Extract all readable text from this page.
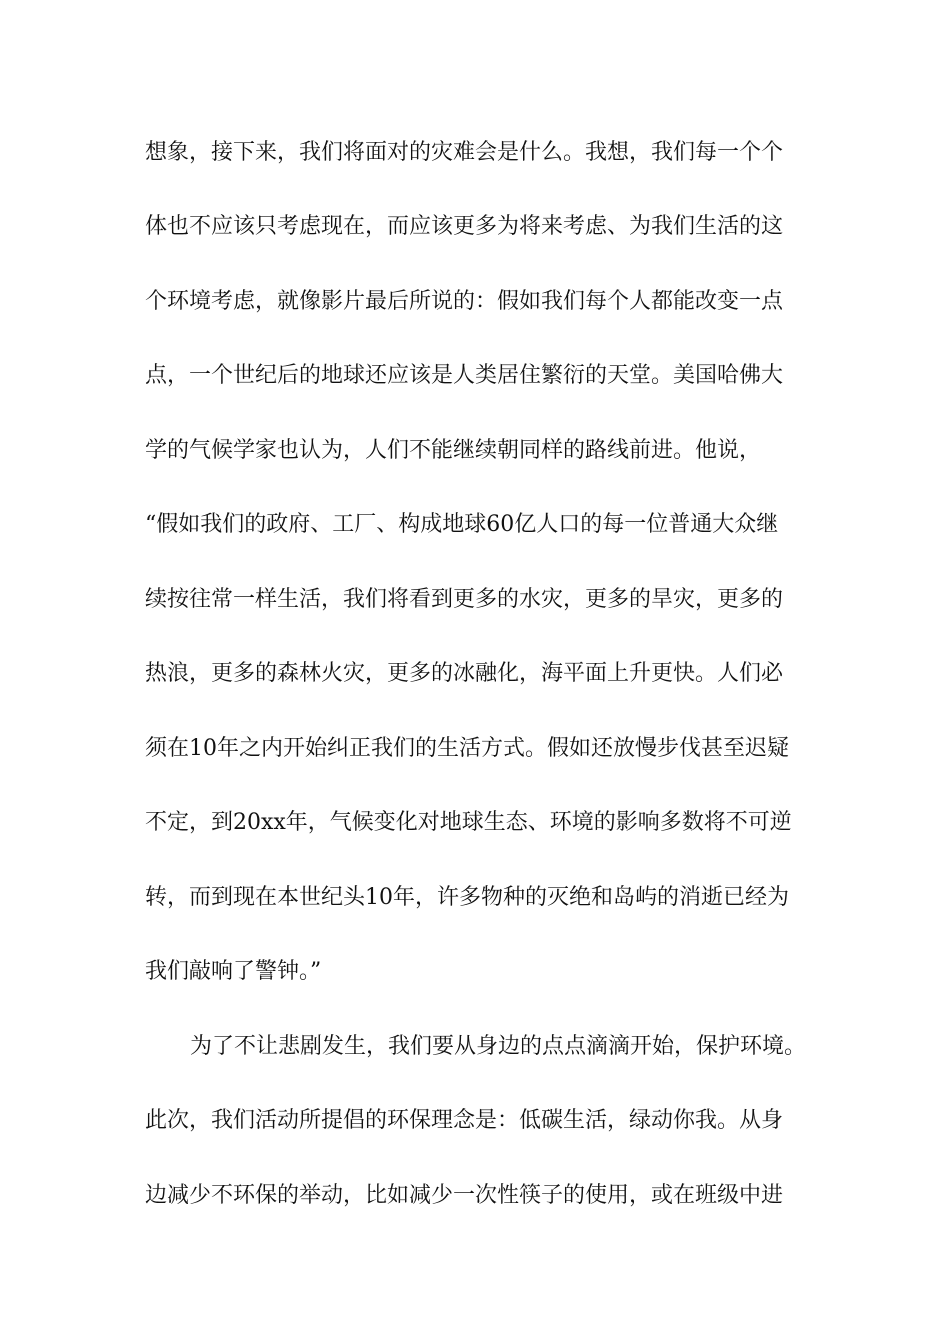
想象，接下来，我们将面对的灾难会是什么。我想，我们每一个个
体也不应该只考虑现在，而应该更多为将来考虑、为我们生活的这
个环境考虑，就像影片最后所说的：假如我们每个人都能改变一点
点，一个世纪后的地球还应该是人类居住繁衍的天堂。美国哈佛大
学的气候学家也认为，人们不能继续朝同样的路线前进。他说，
“假如我们的政府、工厂、构成地球60亿人口的每一位普通大众继
续按往常一样生活，我们将看到更多的水灾，更多的旱灾，更多的
热浪，更多的森林火灾，更多的冰融化，海平面上升更快。人们必
须在10年之内开始纠正我们的生活方式。假如还放慢步伐甚至迟疑
不定，到20xx年，气候变化对地球生态、环境的影响多数将不可逆
转，而到现在本世纪头10年，许多物种的灭绝和岛屿的消逝已经为
我们敲响了警钟。”
为了不让悲剧发生，我们要从身边的点点滴滴开始，保护环境。
此次，我们活动所提倡的环保理念是：低碳生活，绿动你我。从身
边减少不环保的举动，比如减少一次性筷子的使用，或在班级中进
